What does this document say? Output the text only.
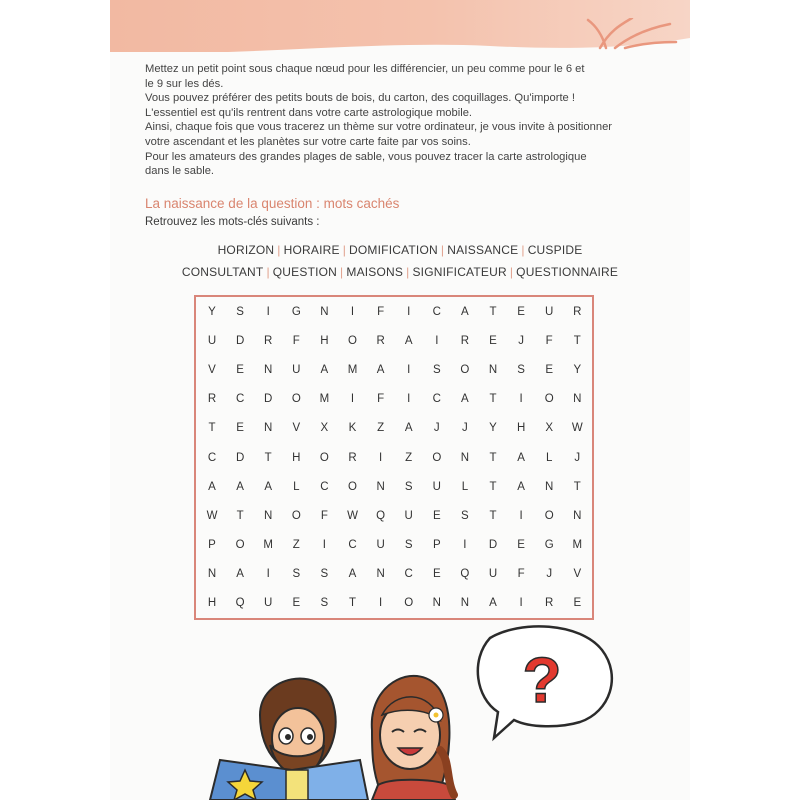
Mettez un petit point sous chaque nœud pour les différencier, un peu comme pour le 6 et

le 9 sur les dés.

Vous pouvez préférer des petits bouts de bois, du carton, des coquillages. Qu'importe !

L'essentiel est qu'ils rentrent dans votre carte astrologique mobile.

Ainsi, chaque fois que vous tracerez un thème sur votre ordinateur, je vous invite à positionner

votre ascendant et les planètes sur votre carte faite par vos soins.

Pour les amateurs des grandes plages de sable, vous pouvez tracer la carte astrologique

dans le sable.

La naissance de la question : mots cachés
Retrouvez les mots-clés suivants :
HORIZON | HORAIRE | DOMIFICATION | NAISSANCE | CUSPIDE
CONSULTANT | QUESTION | MAISONS | SIGNIFICATEUR | QUESTIONNAIRE
Y	S	I	G	N	I	F	I	C	A	T	E	U	R
U	D	R	F	H	O	R	A	I	R	E	J	F	T
V	E	N	U	A	M	A	I	S	O	N	S	E	Y
R	C	D	O	M	I	F	I	C	A	T	I	O	N
T	E	N	V	X	K	Z	A	J	J	Y	H	X	W
C	D	T	H	O	R	I	Z	O	N	T	A	L	J
A	A	A	L	C	O	N	S	U	L	T	A	N	T
W	T	N	O	F	W	Q	U	E	S	T	I	O	N
P	O	M	Z	I	C	U	S	P	I	D	E	G	M
N	A	I	S	S	A	N	C	E	Q	U	F	J	V
H	Q	U	E	S	T	I	O	N	N	A	I	R	E
?
